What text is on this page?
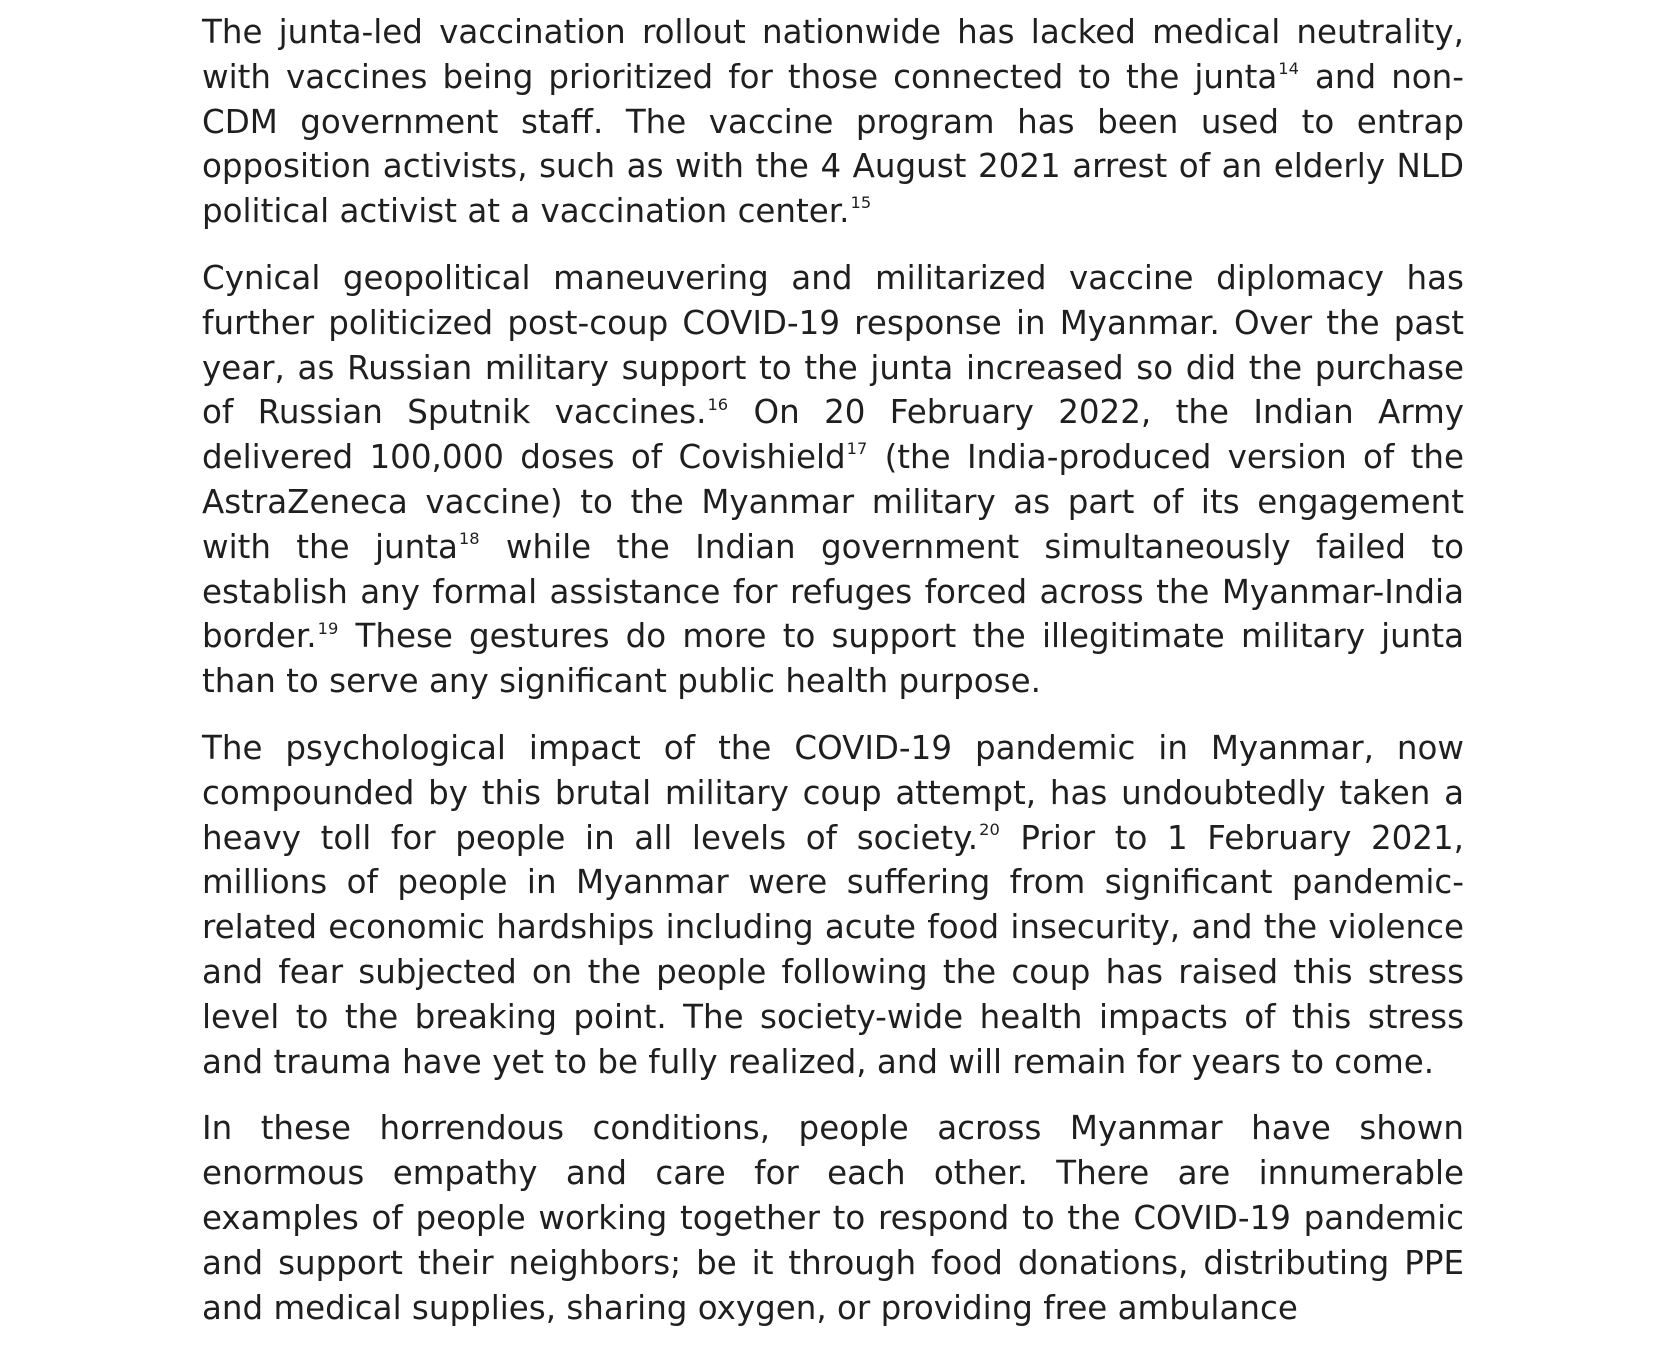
The junta-led vaccination rollout nationwide has lacked medical neutrality, with vaccines being prioritized for those connected to the junta$^{14}$ and non-CDM government staff. The vaccine program has been used to entrap opposition activists, such as with the 4 August 2021 arrest of an elderly NLD political activist at a vaccination center.$^{15}$

Cynical geopolitical maneuvering and militarized vaccine diplomacy has further politicized post-coup COVID-19 response in Myanmar. Over the past year, as Russian military support to the junta increased so did the purchase of Russian Sputnik vaccines.$^{16}$ On 20 February 2022, the Indian Army delivered 100,000 doses of Covishield$^{17}$ (the India-produced version of the AstraZeneca vaccine) to the Myanmar military as part of its engagement with the junta$^{18}$ while the Indian government simultaneously failed to establish any formal assistance for refuges forced across the Myanmar-India border.$^{19}$ These gestures do more to support the illegitimate military junta than to serve any significant public health purpose.

The psychological impact of the COVID-19 pandemic in Myanmar, now compounded by this brutal military coup attempt, has undoubtedly taken a heavy toll for people in all levels of society.$^{20}$ Prior to 1 February 2021, millions of people in Myanmar were suffering from significant pandemic-related economic hardships including acute food insecurity, and the violence and fear subjected on the people following the coup has raised this stress level to the breaking point. The society-wide health impacts of this stress and trauma have yet to be fully realized, and will remain for years to come.

In these horrendous conditions, people across Myanmar have shown enormous empathy and care for each other. There are innumerable examples of people working together to respond to the COVID-19 pandemic and support their neighbors; be it through food donations, distributing PPE and medical supplies, sharing oxygen, or providing free ambulance
